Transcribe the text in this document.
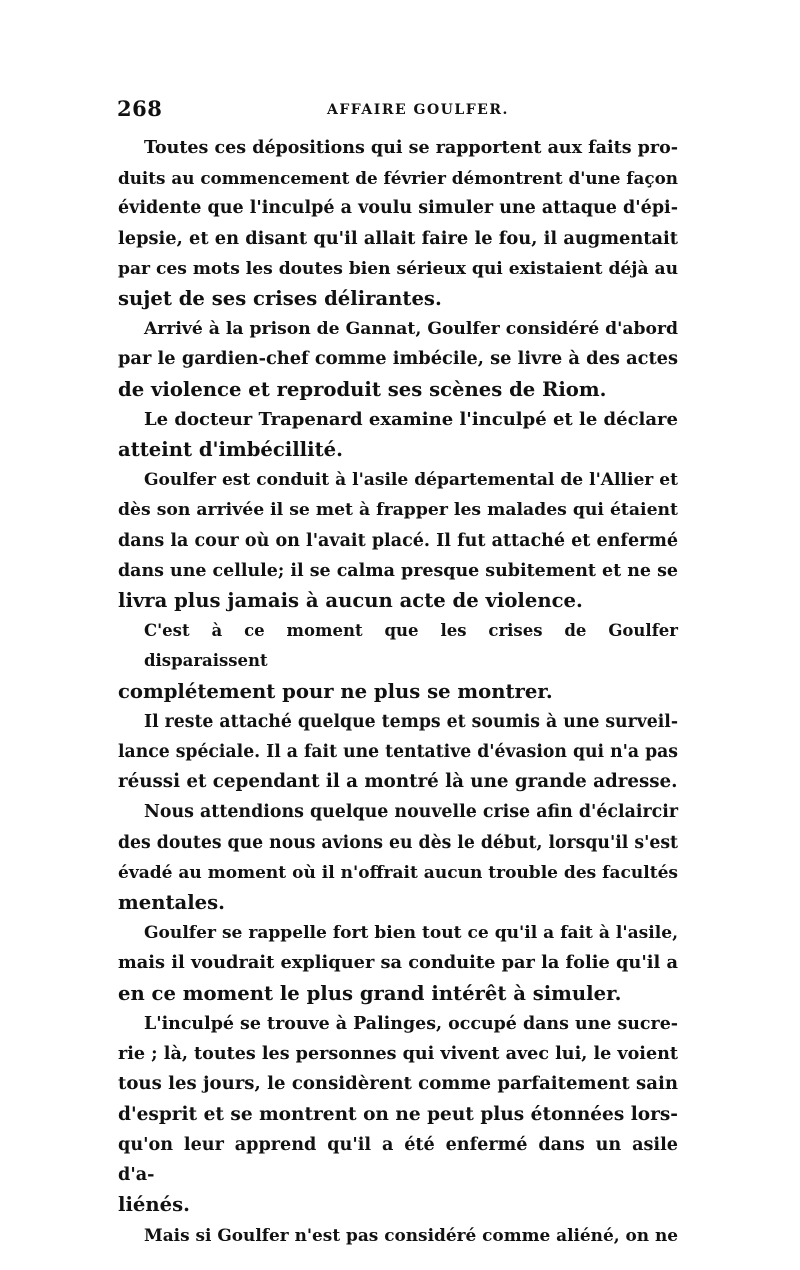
268	AFFAIRE GOULFER.
Toutes ces dépositions qui se rapportent aux faits pro-
duits au commencement de février démontrent d'une façon
évidente que l'inculpé a voulu simuler une attaque d'épi-
lepsie, et en disant qu'il allait faire le fou, il augmentait
par ces mots les doutes bien sérieux qui existaient déjà au
sujet de ses crises délirantes.
Arrivé à la prison de Gannat, Goulfer considéré d'abord
par le gardien-chef comme imbécile, se livre à des actes
de violence et reproduit ses scènes de Riom.
Le docteur Trapenard examine l'inculpé et le déclare
atteint d'imbécillité.
Goulfer est conduit à l'asile départemental de l'Allier et
dès son arrivée il se met à frapper les malades qui étaient
dans la cour où on l'avait placé. Il fut attaché et enfermé
dans une cellule; il se calma presque subitement et ne se
livra plus jamais à aucun acte de violence.
C'est à ce moment que les crises de Goulfer disparaissent
complétement pour ne plus se montrer.
Il reste attaché quelque temps et soumis à une surveil-
lance spéciale. Il a fait une tentative d'évasion qui n'a pas
réussi et cependant il a montré là une grande adresse.
Nous attendions quelque nouvelle crise afin d'éclaircir
des doutes que nous avions eu dès le début, lorsqu'il s'est
évadé au moment où il n'offrait aucun trouble des facultés
mentales.
Goulfer se rappelle fort bien tout ce qu'il a fait à l'asile,
mais il voudrait expliquer sa conduite par la folie qu'il a
en ce moment le plus grand intérêt à simuler.
L'inculpé se trouve à Palinges, occupé dans une sucre-
rie ; là, toutes les personnes qui vivent avec lui, le voient
tous les jours, le considèrent comme parfaitement sain
d'esprit et se montrent on ne peut plus étonnées lors-
qu'on leur apprend qu'il a été enfermé dans un asile d'a-
liénés.
Mais si Goulfer n'est pas considéré comme aliéné, on ne
